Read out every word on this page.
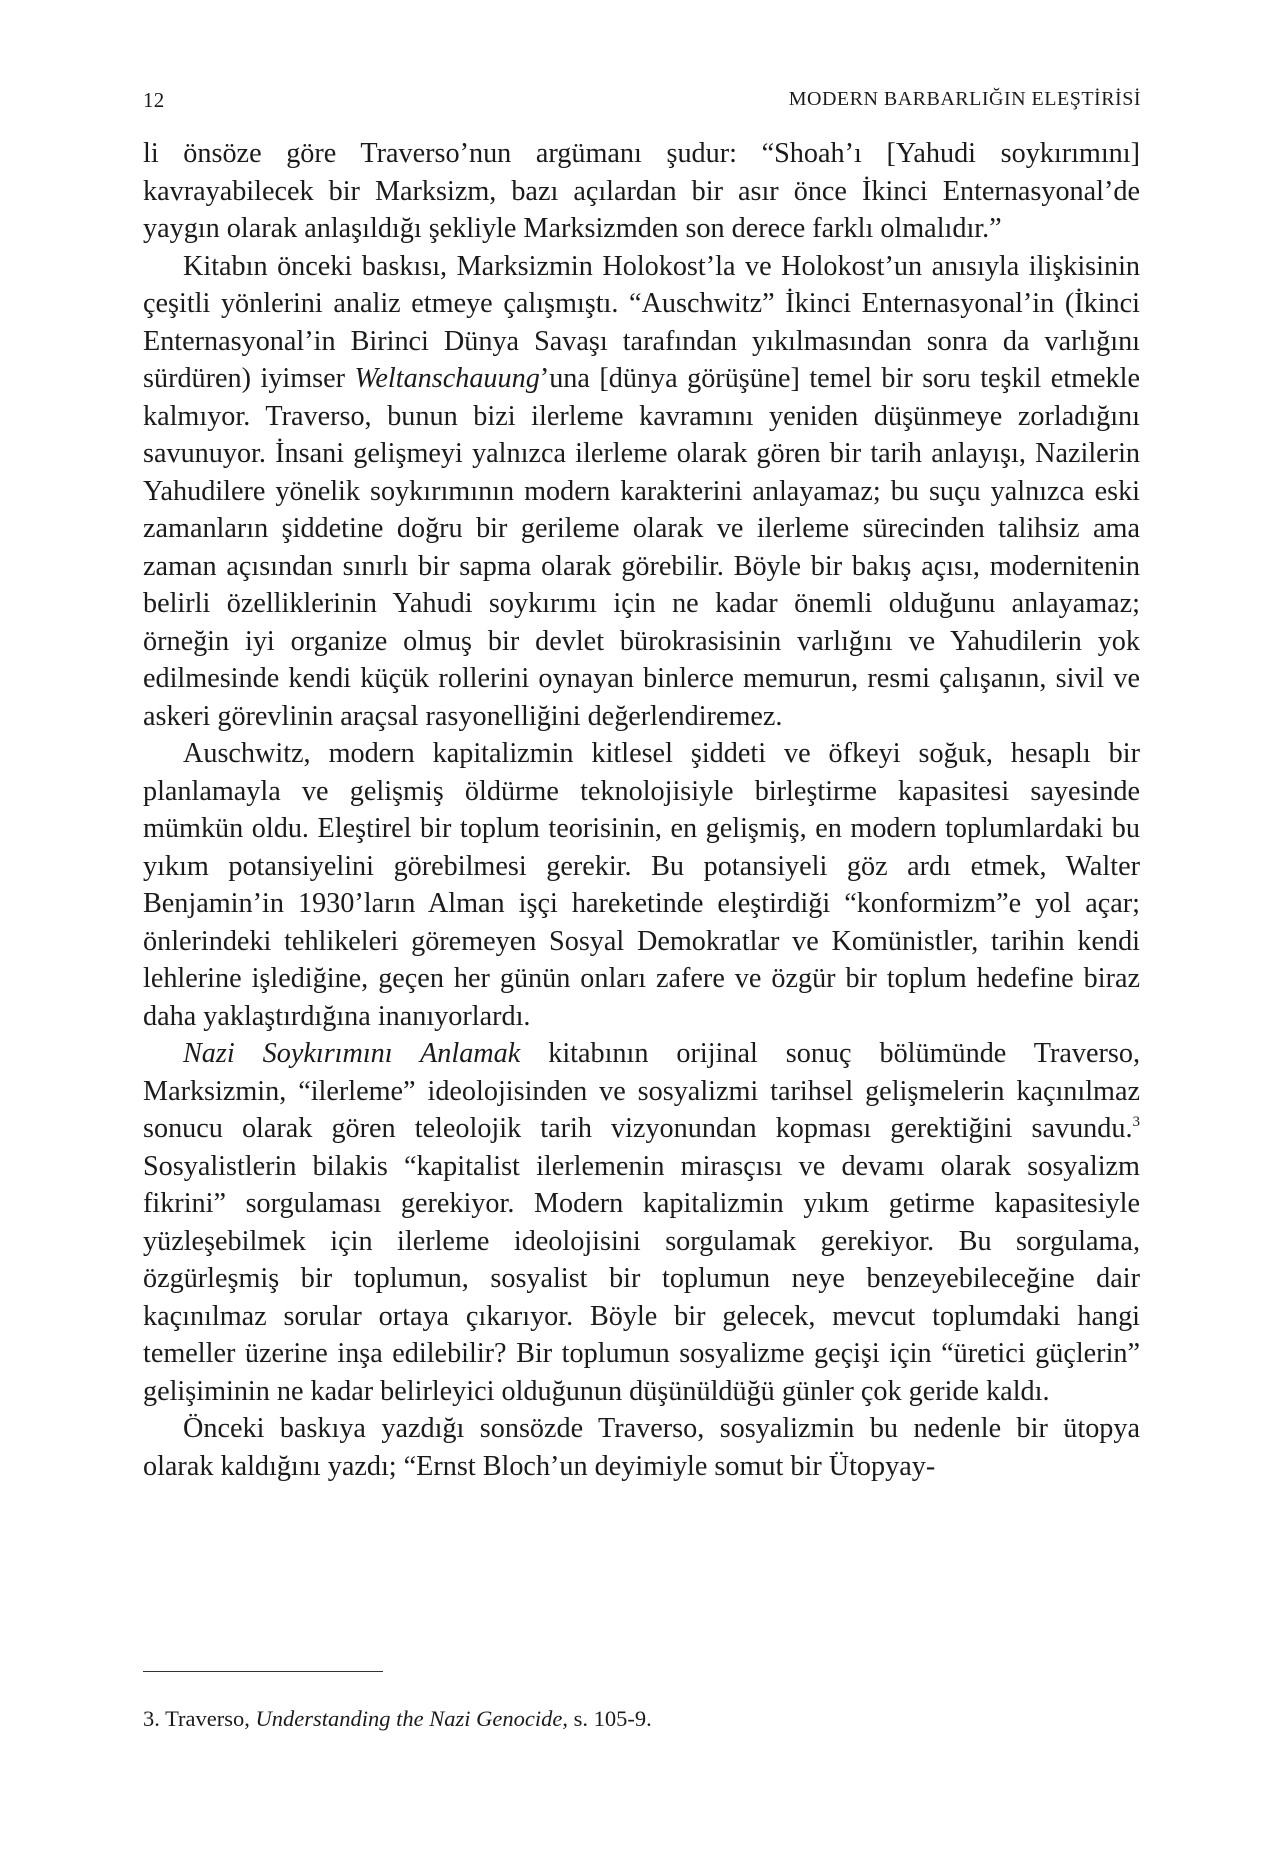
12	MODERN BARBARLIĞIN ELEŞTİRİSİ

li önsöze göre Traverso’nun argümanı şudur: “Shoah’ı [Yahudi soykırımını] kavrayabilecek bir Marksizm, bazı açılardan bir asır önce İkinci Enternasyonal’de yaygın olarak anlaşıldığı şekliyle Marksizmden son derece farklı olmalıdır.”

Kitabın önceki baskısı, Marksizmin Holokost’la ve Holokost’un anısıyla ilişkisinin çeşitli yönlerini analiz etmeye çalışmıştı. “Auschwitz” İkinci Enternasyonal’in (İkinci Enternasyonal’in Birinci Dünya Savaşı tarafından yıkılmasından sonra da varlığını sürdüren) iyimser Weltanschauung’una [dünya görüşüne] temel bir soru teşkil etmekle kalmıyor. Traverso, bunun bizi ilerleme kavramını yeniden düşünmeye zorladığını savunuyor. İnsani gelişmeyi yalnızca ilerleme olarak gören bir tarih anlayışı, Nazilerin Yahudilere yönelik soykırımının modern karakterini anlayamaz; bu suçu yalnızca eski zamanların şiddetine doğru bir gerileme olarak ve ilerleme sürecinden talihsiz ama zaman açısından sınırlı bir sapma olarak görebilir. Böyle bir bakış açısı, modernitenin belirli özelliklerinin Yahudi soykırımı için ne kadar önemli olduğunu anlayamaz; örneğin iyi organize olmuş bir devlet bürokrasisinin varlığını ve Yahudilerin yok edilmesinde kendi küçük rollerini oynayan binlerce memurun, resmi çalışanın, sivil ve askeri görevlinin araçsal rasyonelliğini değerlendiremez.

Auschwitz, modern kapitalizmin kitlesel şiddeti ve öfkeyi soğuk, hesaplı bir planlamayla ve gelişmiş öldürme teknolojisiyle birleştirme kapasitesi sayesinde mümkün oldu. Eleştirel bir toplum teorisinin, en gelişmiş, en modern toplumlardaki bu yıkım potansiyelini görebilmesi gerekir. Bu potansiyeli göz ardı etmek, Walter Benjamin’in 1930’ların Alman işçi hareketinde eleştirdiği “konformizm”e yol açar; önlerindeki tehlikeleri göremeyen Sosyal Demokratlar ve Komünistler, tarihin kendi lehlerine işlediğine, geçen her günün onları zafere ve özgür bir toplum hedefine biraz daha yaklaştırdığına inanıyorlardı.

Nazi Soykırımını Anlamak kitabının orijinal sonuç bölümünde Traverso, Marksizmin, “ilerleme” ideolojisinden ve sosyalizmi tarihsel gelişmelerin kaçınılmaz sonucu olarak gören teleolojik tarih vizyonundan kopması gerektiğini savundu.$^3$ Sosyalistlerin bilakis “kapitalist ilerlemenin mirasçısı ve devamı olarak sosyalizm fikrini” sorgulaması gerekiyor. Modern kapitalizmin yıkım getirme kapasitesiyle yüzleşebilmek için ilerleme ideolojisini sorgulamak gerekiyor. Bu sorgulama, özgürleşmiş bir toplumun, sosyalist bir toplumun neye benzeyebileceğine dair kaçınılmaz sorular ortaya çıkarıyor. Böyle bir gelecek, mevcut toplumdaki hangi temeller üzerine inşa edilebilir? Bir toplumun sosyalizme geçişi için “üretici güçlerin” gelişiminin ne kadar belirleyici olduğunun düşünüldüğü günler çok geride kaldı.

Önceki baskıya yazdığı sonsözde Traverso, sosyalizmin bu nedenle bir ütopya olarak kaldığını yazdı; “Ernst Bloch’un deyimiyle somut bir Ütopyay-

3. Traverso, Understanding the Nazi Genocide, s. 105-9.
